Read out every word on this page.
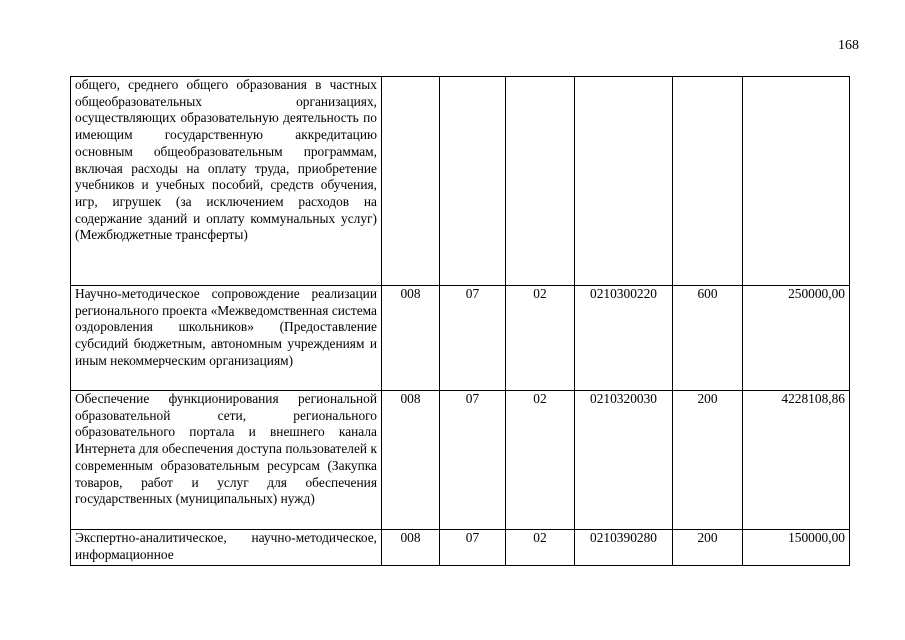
168
общего, среднего общего образования в частных общеобразовательных организациях, осуществляющих образовательную деятельность по имеющим государственную аккредитацию основным общеобразовательным программам, включая расходы на оплату труда, приобретение учебников и учебных пособий, средств обучения, игр, игрушек (за исключением расходов на содержание зданий и оплату коммунальных услуг) (Межбюджетные трансферты)						
Научно-методическое сопровождение реализации регионального проекта «Межведомственная система оздоровления школьников» (Предоставление субсидий бюджетным, автономным учреждениям и иным некоммерческим организациям)	008	07	02	0210300220	600	250000,00
Обеспечение функционирования региональной образовательной сети, регионального образовательного портала и внешнего канала Интернета для обеспечения доступа пользователей к современным образовательным ресурсам (Закупка товаров, работ и услуг для обеспечения государственных (муниципальных) нужд)	008	07	02	0210320030	200	4228108,86
Экспертно-аналитическое, научно-методическое, информационное	008	07	02	0210390280	200	150000,00
